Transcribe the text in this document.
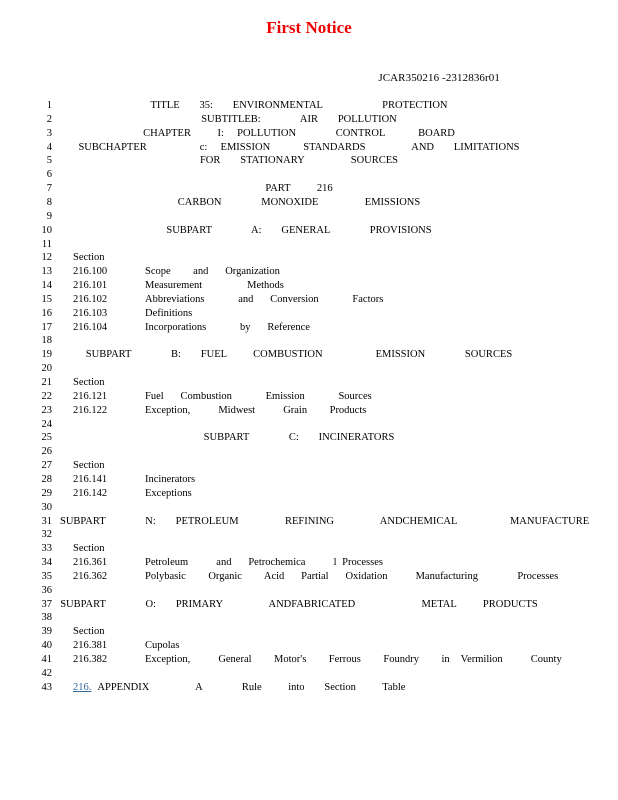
First Notice
JCAR350216 -2312836r01
1	TITLE   35:   ENVIRONMENTAL         PROTECTION
2	SUBTITLEB:      AIR   POLLUTION
3	CHAPTER    I:  POLLUTION      CONTROL     BOARD
4	SUBCHAPTER        c:  EMISSION     STANDARDS       AND   LIMITATIONS
5	FOR   STATIONARY       SOURCES
6
7	PART    216
8	CARBON      MONOXIDE       EMISSIONS
9
10	SUBPART      A:   GENERAL      PROVISIONS
11
12 Section
13 216.100	Scope    and   Organization
14 216.101	Measurement        Methods
15 216.102	Abbreviations      and   Conversion      Factors
16 216.103	Definitions
17 216.104	Incorporations      by   Reference
18
19	SUBPART      B:   FUEL    COMBUSTION        EMISSION      SOURCES
20
21 Section
22 216.121	Fuel   Combustion      Emission      Sources
23 216.122	Exception,     Midwest     Grain    Products
24
25	SUBPART      C:   INCINERATORS
26
27 Section
28 216.141	Incinerators
29 216.142	Exceptions
30
31 SUBPART      N:   PETROLEUM       REFINING       ANDCHEMICAL        MANUFACTURE
32
33 Section
34 216.361	Petroleum     and   Petrochemica     l Processes
35 216.362	Polybasic    Organic    Acid   Partial   Oxidation     Manufacturing       Processes
36
37 SUBPART      O:   PRIMARY       ANDFABRICATED          METAL    PRODUCTS
38
39 Section
40 216.381	Cupolas
41 216.382	Exception,     General    Motor's    Ferrous    Foundry    in  Vermilion     County
42
43 216. APPENDIX       A      Rule    into   Section    Table
